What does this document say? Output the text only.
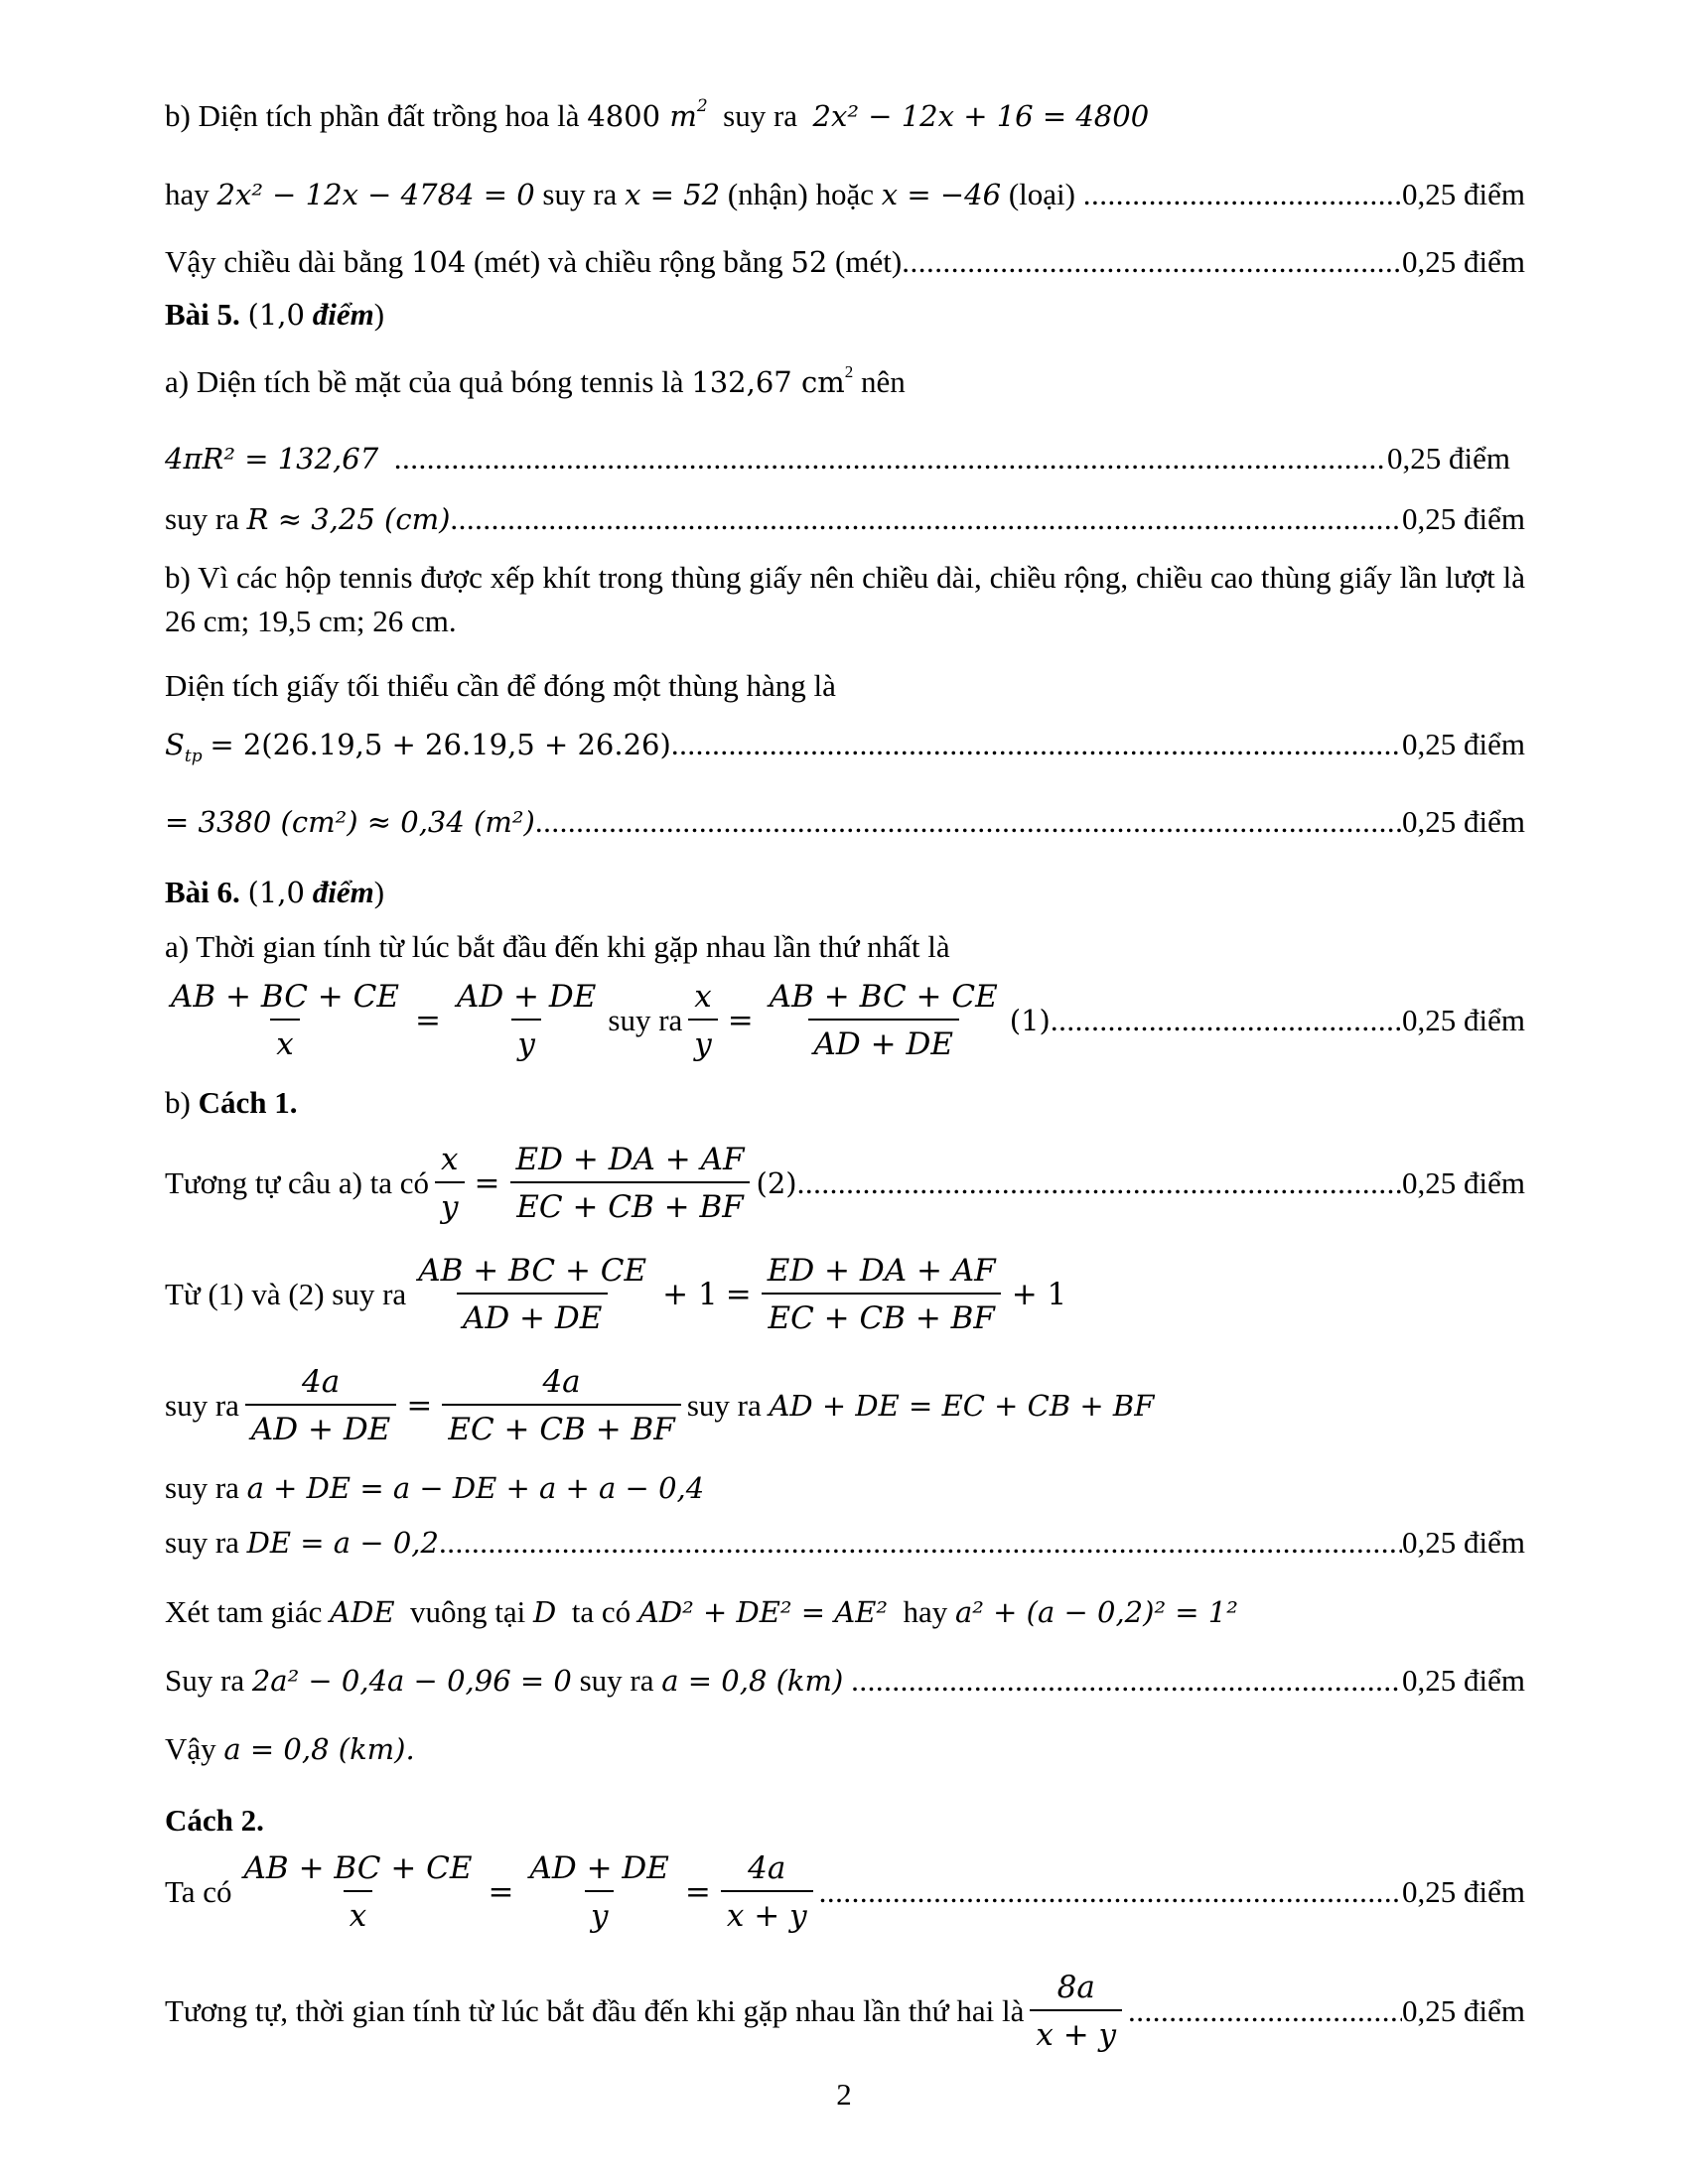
b) Diện tích phần đất trồng hoa là 4800 $m^2$ suy ra 2x² − 12x + 16 = 4800
hay
2x² − 12x − 4784 = 0
suy ra
x = 52
(nhận) hoặc
x = −46
(loại)
.....	0,25 điểm
Vậy chiều dài bằng
104
(mét) và chiều rộng bằng
52
(mét) .....	0,25 điểm
Bài 5. (1,0 điểm)
a) Diện tích bề mặt của quả bóng tennis là 132,67 $cm^2$ nên
4πR² = 132,67
.....	0,25 điểm
suy ra
R ≈ 3,25 (cm) .....	0,25 điểm
b) Vì các hộp tennis được xếp khít trong thùng giấy nên chiều dài, chiều rộng, chiều cao thùng giấy lần lượt là 26 cm; 19,5 cm; 26 cm.
Diện tích giấy tối thiểu cần để đóng một thùng hàng là
$S_{tp}$
= 2(26.19,5 + 26.19,5 + 26.26) .....	0,25 điểm
= 3380 (cm²) ≈ 0,34 (m²) .....	0,25 điểm
Bài 6. (1,0 điểm)
a) Thời gian tính từ lúc bắt đầu đến khi gặp nhau lần thứ nhất là
$\frac{AB + BC + CE}{x} = \frac{AD + DE}{y}$ suy ra $\frac{x}{y} = \frac{AB + BC + CE}{AD + DE} (1)$ .....	0,25 điểm
b) Cách 1.
Tương tự câu a) ta có $\frac{x}{y} = \frac{ED + DA + AF}{EC + CB + BF} (2)$ .....	0,25 điểm
Từ (1) và (2) suy ra $\frac{AB + BC + CE}{AD + DE} + 1 = \frac{ED + DA + AF}{EC + CB + BF} + 1$
suy ra $\frac{4a}{AD + DE} = \frac{4a}{EC + CB + BF}$ suy ra
AD + DE = EC + CB + BF
suy ra a + DE = a − DE + a + a − 0,4
suy ra
DE = a − 0,2 .....	0,25 điểm
Xét tam giác ADE vuông tại D ta có AD² + DE² = AE² hay a² + (a − 0,2)² = 1²
Suy ra
2a² − 0,4a − 0,96 = 0
suy ra
a = 0,8 (km)
.....	0,25 điểm
Vậy a = 0,8 (km).
Cách 2.
Ta có $\frac{AB + BC + CE}{x} = \frac{AD + DE}{y} = \frac{4a}{x + y}$ .....	0,25 điểm
Tương tự, thời gian tính từ lúc bắt đầu đến khi gặp nhau lần thứ hai là $\frac{8a}{x + y}$ .....	0,25 điểm
2
